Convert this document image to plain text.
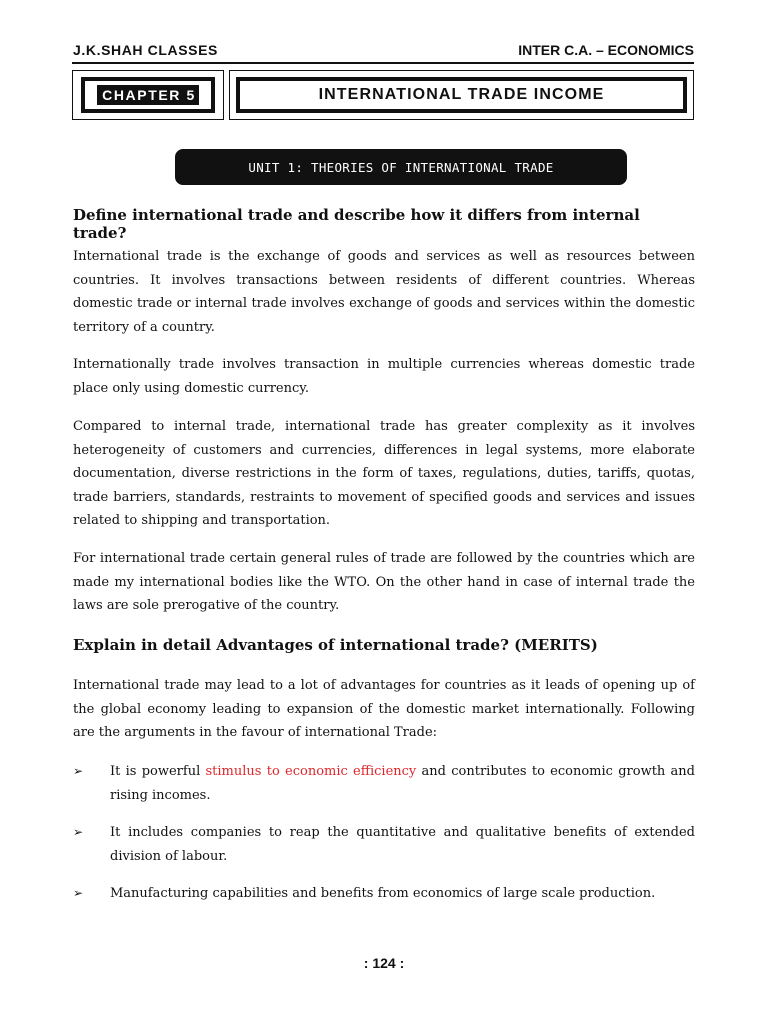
J.K.SHAH CLASSES	INTER C.A. – ECONOMICS
CHAPTER 5	INTERNATIONAL TRADE INCOME
UNIT 1: THEORIES OF INTERNATIONAL TRADE

Define international trade and describe how it differs from internal trade?

International trade is the exchange of goods and services as well as resources between countries. It involves transactions between residents of different countries. Whereas domestic trade or internal trade involves exchange of goods and services within the domestic territory of a country.

Internationally trade involves transaction in multiple currencies whereas domestic trade place only using domestic currency.

Compared to internal trade, international trade has greater complexity as it involves heterogeneity of customers and currencies, differences in legal systems, more elaborate documentation, diverse restrictions in the form of taxes, regulations, duties, tariffs, quotas, trade barriers, standards, restraints to movement of specified goods and services and issues related to shipping and transportation.

For international trade certain general rules of trade are followed by the countries which are made my international bodies like the WTO. On the other hand in case of internal trade the laws are sole prerogative of the country.

Explain in detail Advantages of international trade? (MERITS)

International trade may lead to a lot of advantages for countries as it leads of opening up of the global economy leading to expansion of the domestic market internationally. Following are the arguments in the favour of international Trade:

➢ It is powerful stimulus to economic efficiency and contributes to economic growth and rising incomes.
➢ It includes companies to reap the quantitative and qualitative benefits of extended division of labour.
➢ Manufacturing capabilities and benefits from economics of large scale production.
: 124 :
